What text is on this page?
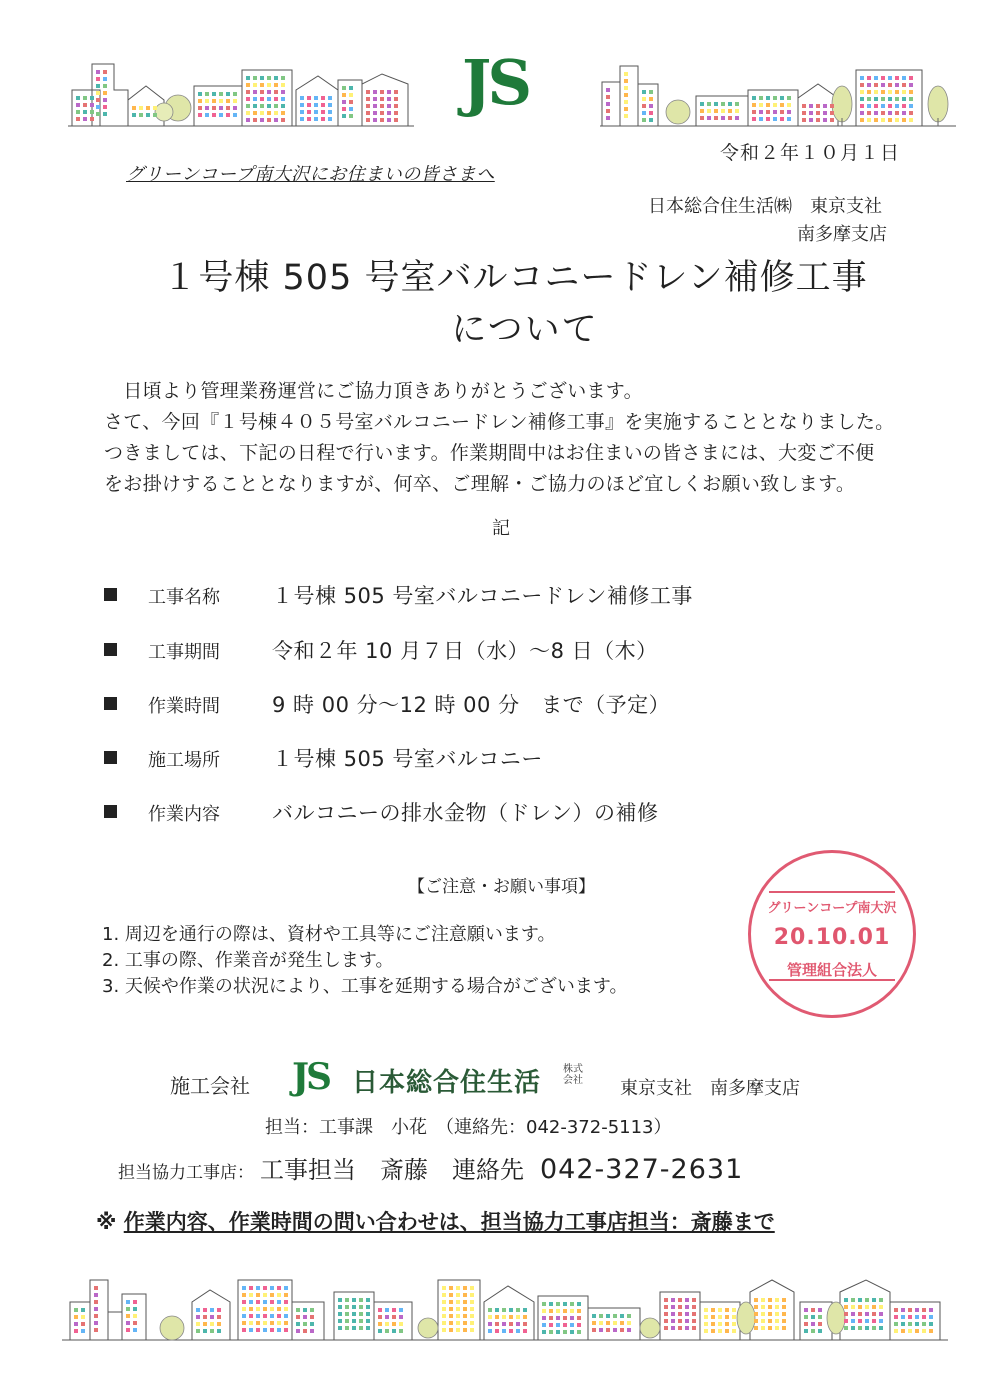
JS
令和２年１０月１日
グリーンコープ南大沢にお住まいの皆さまへ
日本総合住生活㈱　東京支社
南多摩支店
１号棟 505 号室バルコニードレン補修工事
について

　日頃より管理業務運営にご協力頂きありがとうございます。

さて、今回『１号棟４０５号室バルコニードレン補修工事』を実施することとなりました。

つきましては、下記の日程で行います。作業期間中はお住まいの皆さまには、大変ご不便

をお掛けすることとなりますが、何卒、ご理解・ご協力のほど宜しくお願い致します。

記
工事名称 １号棟 505 号室バルコニードレン補修工事
工事期間 令和２年 10 月７日（水）～8 日（木）
作業時間 9 時 00 分～12 時 00 分　まで（予定）
施工場所 １号棟 505 号室バルコニー
作業内容 バルコニーの排水金物（ドレン）の補修
【ご注意・お願い事項】
1. 周辺を通行の際は、資材や工具等にご注意願います。
2. 工事の際、作業音が発生します。
3. 天候や作業の状況により、工事を延期する場合がございます。
グリーンコープ南大沢
20.10.01
管理組合法人
施工会社 JS 日本総合住生活	株式会社 東京支社　南多摩支店
担当：工事課　小花　（連絡先：042-372-5113）
担当協力工事店： 工事担当　斎藤　連絡先 042-327-2631
※ 作業内容、作業時間の問い合わせは、担当協力工事店担当：斎藤まで
